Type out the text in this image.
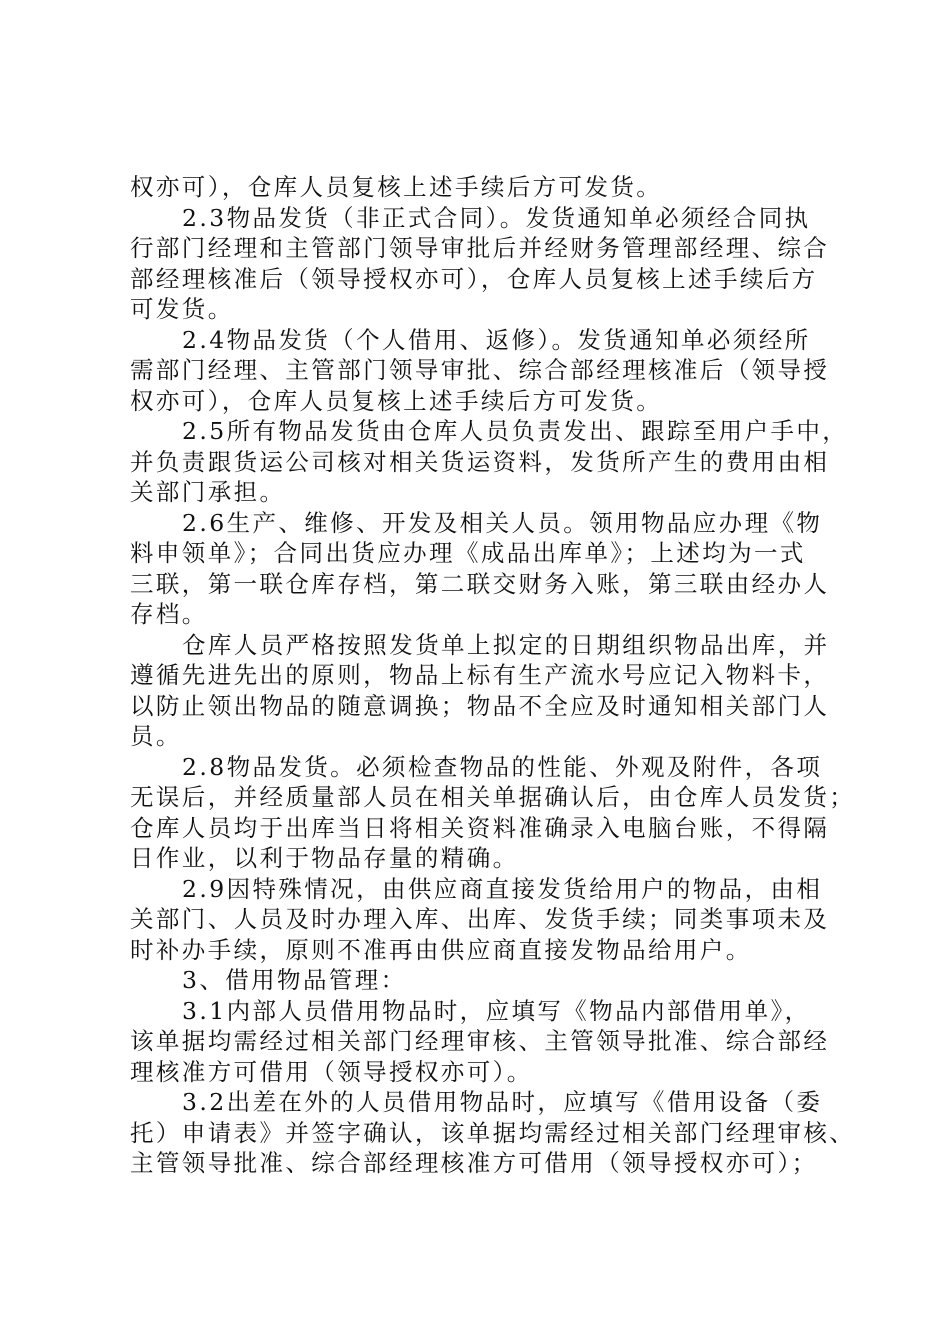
权亦可），仓库人员复核上述手续后方可发货。
2.3物品发货（非正式合同）。发货通知单必须经合同执
行部门经理和主管部门领导审批后并经财务管理部经理、综合
部经理核准后（领导授权亦可），仓库人员复核上述手续后方
可发货。
2.4物品发货（个人借用、返修）。发货通知单必须经所
需部门经理、主管部门领导审批、综合部经理核准后（领导授
权亦可），仓库人员复核上述手续后方可发货。
2.5所有物品发货由仓库人员负责发出、跟踪至用户手中，
并负责跟货运公司核对相关货运资料，发货所产生的费用由相
关部门承担。
2.6生产、维修、开发及相关人员。领用物品应办理《物
料申领单》；合同出货应办理《成品出库单》；上述均为一式
三联，第一联仓库存档，第二联交财务入账，第三联由经办人
存档。
仓库人员严格按照发货单上拟定的日期组织物品出库，并
遵循先进先出的原则，物品上标有生产流水号应记入物料卡，
以防止领出物品的随意调换；物品不全应及时通知相关部门人
员。
2.8物品发货。必须检查物品的性能、外观及附件，各项
无误后，并经质量部人员在相关单据确认后，由仓库人员发货；
仓库人员均于出库当日将相关资料准确录入电脑台账，不得隔
日作业，以利于物品存量的精确。
2.9因特殊情况，由供应商直接发货给用户的物品，由相
关部门、人员及时办理入库、出库、发货手续；同类事项未及
时补办手续，原则不准再由供应商直接发物品给用户。
3、借用物品管理：
3.1内部人员借用物品时，应填写《物品内部借用单》，
该单据均需经过相关部门经理审核、主管领导批准、综合部经
理核准方可借用（领导授权亦可）。
3.2出差在外的人员借用物品时，应填写《借用设备（委
托）申请表》并签字确认，该单据均需经过相关部门经理审核、
主管领导批准、综合部经理核准方可借用（领导授权亦可）；
